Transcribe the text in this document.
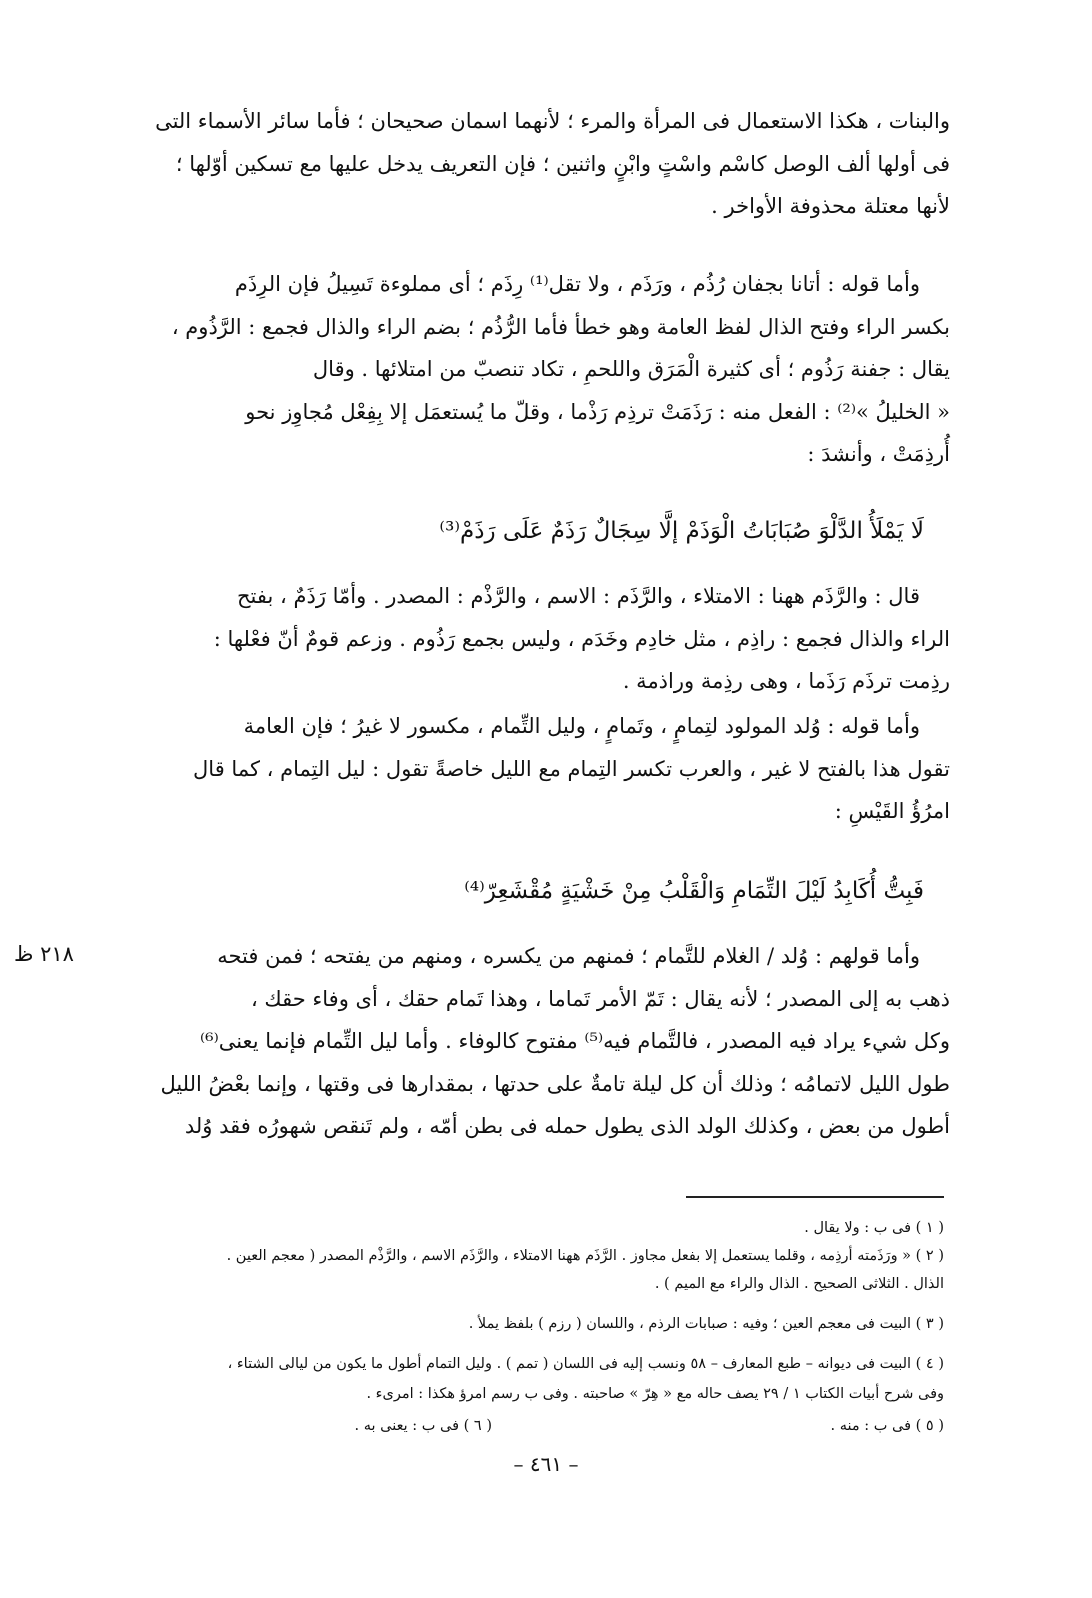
والبنات ، هكذا الاستعمال فى المرأة والمرء ؛ لأنهما اسمان صحيحان ؛ فأما سائر الأسماء التى

فى أولها ألف الوصل كاسْم واسْتٍ وابْنٍ واثنين ؛ فإن التعريف يدخل عليها مع تسكين أوّلها ؛

لأنها معتلة محذوفة الأواخر .

وأما قوله : أتانا بجفان رُذُم ، ورَذَم ، ولا تقل⁽¹⁾ رِذَم ؛ أى مملوءة تَسِيلُ فإن الرِذَم

بكسر الراء وفتح الذال لفظ العامة وهو خطأ فأما الرُّذُم ؛ بضم الراء والذال فجمع : الرَّذُوم ،

يقال : جفنة رَذُوم ؛ أى كثيرة الْمَرَق واللحمِ ، تكاد تنصبّ من امتلائها . وقال

« الخليلُ »⁽²⁾ : الفعل منه : رَذَمَتْ ترذِم رَذْما ، وقلّ ما يُستعمَل إلا بِفِعْل مُجاوِز نحو

أُرذِمَتْ ، وأنشدَ :

لَا يَمْلَأُ الدَّلْوَ صُبَابَاتُ الْوَذَمْ إلَّا سِجَالٌ رَذَمٌ عَلَى رَذَمْ⁽³⁾

قال : والرَّذَم ههنا : الامتلاء ، والرَّذَم : الاسم ، والرَّذْم : المصدر . وأمّا رَذَمٌ ، بفتح

الراء والذال فجمع : راذِم ، مثل خادِم وخَدَم ، وليس بجمع رَذُوم . وزعم قومٌ أنّ فعْلها :

رذِمت ترذَم رَذَما ، وهى رذِمة وراذمة .

وأما قوله : وُلد المولود لتِمامٍ ، وتَمامٍ ، وليل التِّمام ، مكسور لا غيرُ ؛ فإن العامة

تقول هذا بالفتح لا غير ، والعرب تكسر التِمام مع الليل خاصةً تقول : ليل التِمام ، كما قال

امرُؤُ القَيْسِ :

فَبِتُّ أُكَابِدُ لَيْلَ التِّمَامِ وَالْقَلْبُ مِنْ خَشْيَةٍ مُقْشَعِرّ⁽⁴⁾
٢١٨ ظ	وأما قولهم : وُلد / الغلام للتَّمام ؛ فمنهم من يكسره ، ومنهم من يفتحه ؛ فمن فتحه

ذهب به إلى المصدر ؛ لأنه يقال : تَمّ الأمر تَماما ، وهذا تَمام حقك ، أى وفاء حقك ،

وكل شيء يراد فيه المصدر ، فالتَّمام فيه⁽⁵⁾ مفتوح كالوفاء . وأما ليل التِّمام فإنما يعنى⁽⁶⁾

طول الليل لاتمامُه ؛ وذلك أن كل ليلة تامةٌ على حدتها ، بمقدارها فى وقتها ، وإنما بعْضُ الليل

أطول من بعض ، وكذلك الولد الذى يطول حمله فى بطن أمّه ، ولم تَنقص شهورُه فقد وُلد

( ١ ) فى ب : ولا يقال .
( ٢ ) « ورَذَمته أرذِمه ، وقلما يستعمل إلا بفعل مجاوز . الرَّذَم ههنا الامتلاء ، والرَّذَم الاسم ، والرَّذْم المصدر ( معجم العين .
الذال . الثلاثى الصحيح . الذال والراء مع الميم ) .
( ٣ ) البيت فى معجم العين ؛ وفيه : صبابات الرذم ، واللسان ( رزم ) بلفظ يملأ .
( ٤ ) البيت فى ديوانه – طبع المعارف – ٥٨ ونسب إليه فى اللسان ( تمم ) . وليل التمام أطول ما يكون من ليالى الشتاء ،
وفى شرح أبيات الكتاب ١ / ٢٩ يصف حاله مع « هِرّ » صاحبته . وفى ب رسم امرؤ هكذا : امرىء .
( ٥ ) فى ب : منه .
( ٦ ) فى ب : يعنى به .
– ٤٦١ –
